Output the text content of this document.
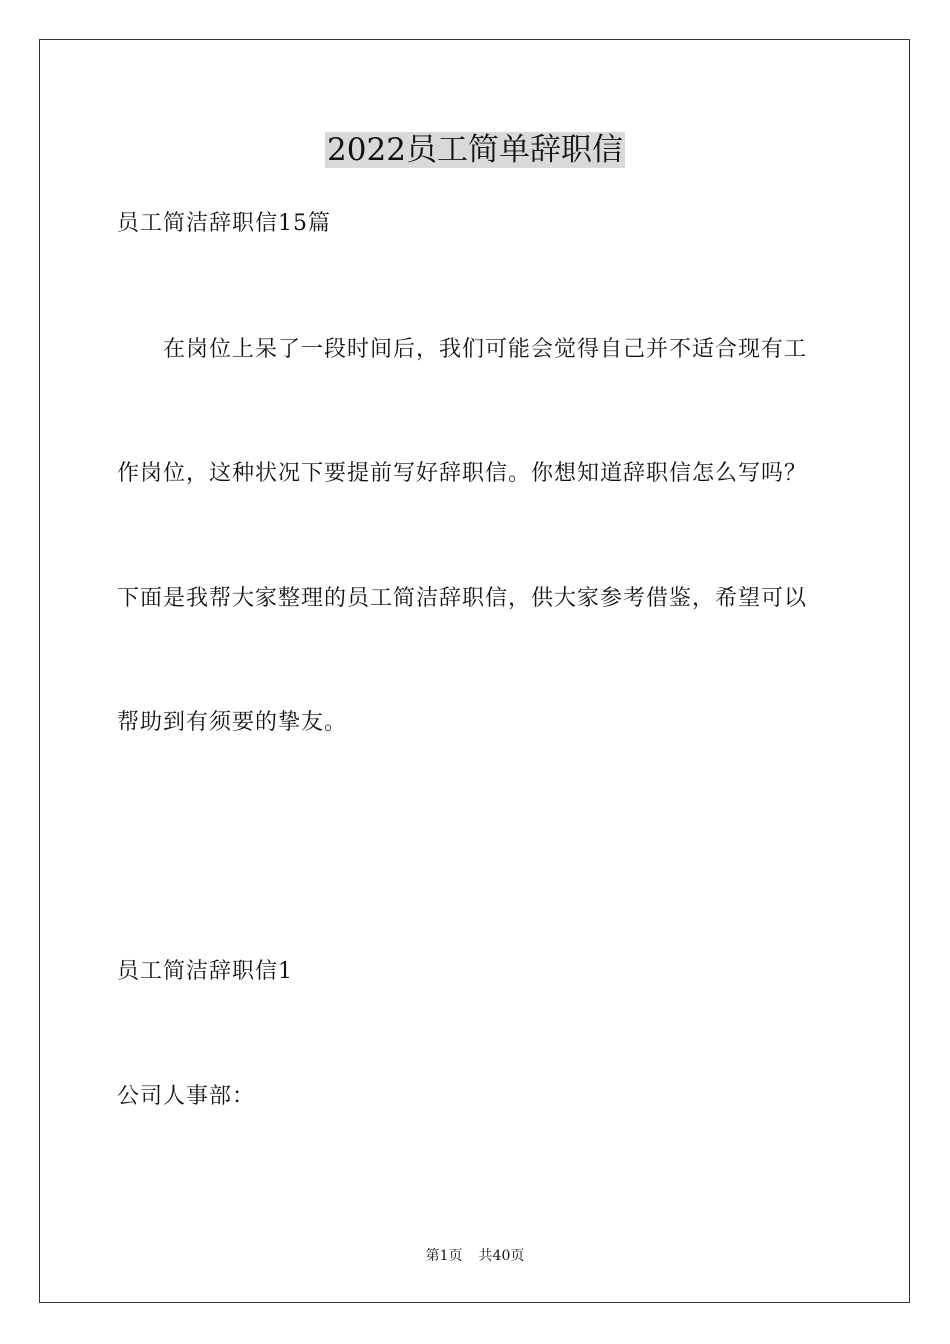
2022员工简单辞职信

员工简洁辞职信15篇

在岗位上呆了一段时间后，我们可能会觉得自己并不适合现有工

作岗位，这种状况下要提前写好辞职信。你想知道辞职信怎么写吗？

下面是我帮大家整理的员工简洁辞职信，供大家参考借鉴，希望可以

帮助到有须要的挚友。

员工简洁辞职信1

公司人事部：

第1页 共40页
